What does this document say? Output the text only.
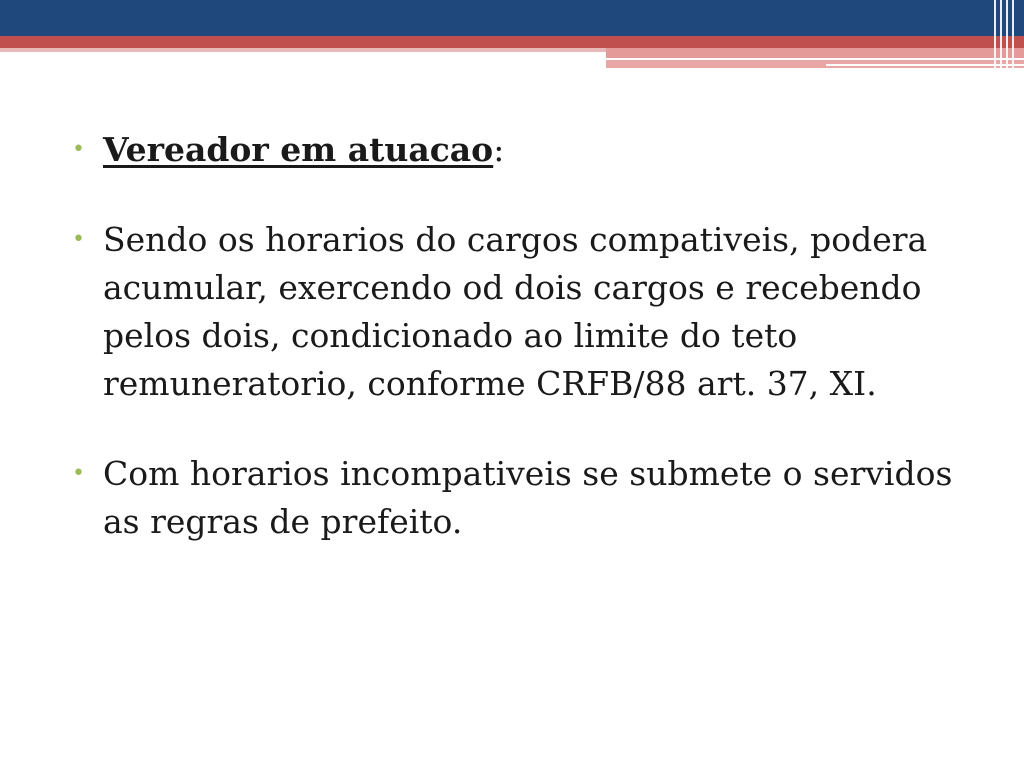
• Vereador em atuacao:
• Sendo os horarios do cargos compativeis, podera acumular, exercendo od dois cargos e recebendo pelos dois, condicionado ao limite do teto remuneratorio, conforme CRFB/88 art. 37, XI.
• Com horarios incompativeis se submete o servidos as regras de prefeito.
